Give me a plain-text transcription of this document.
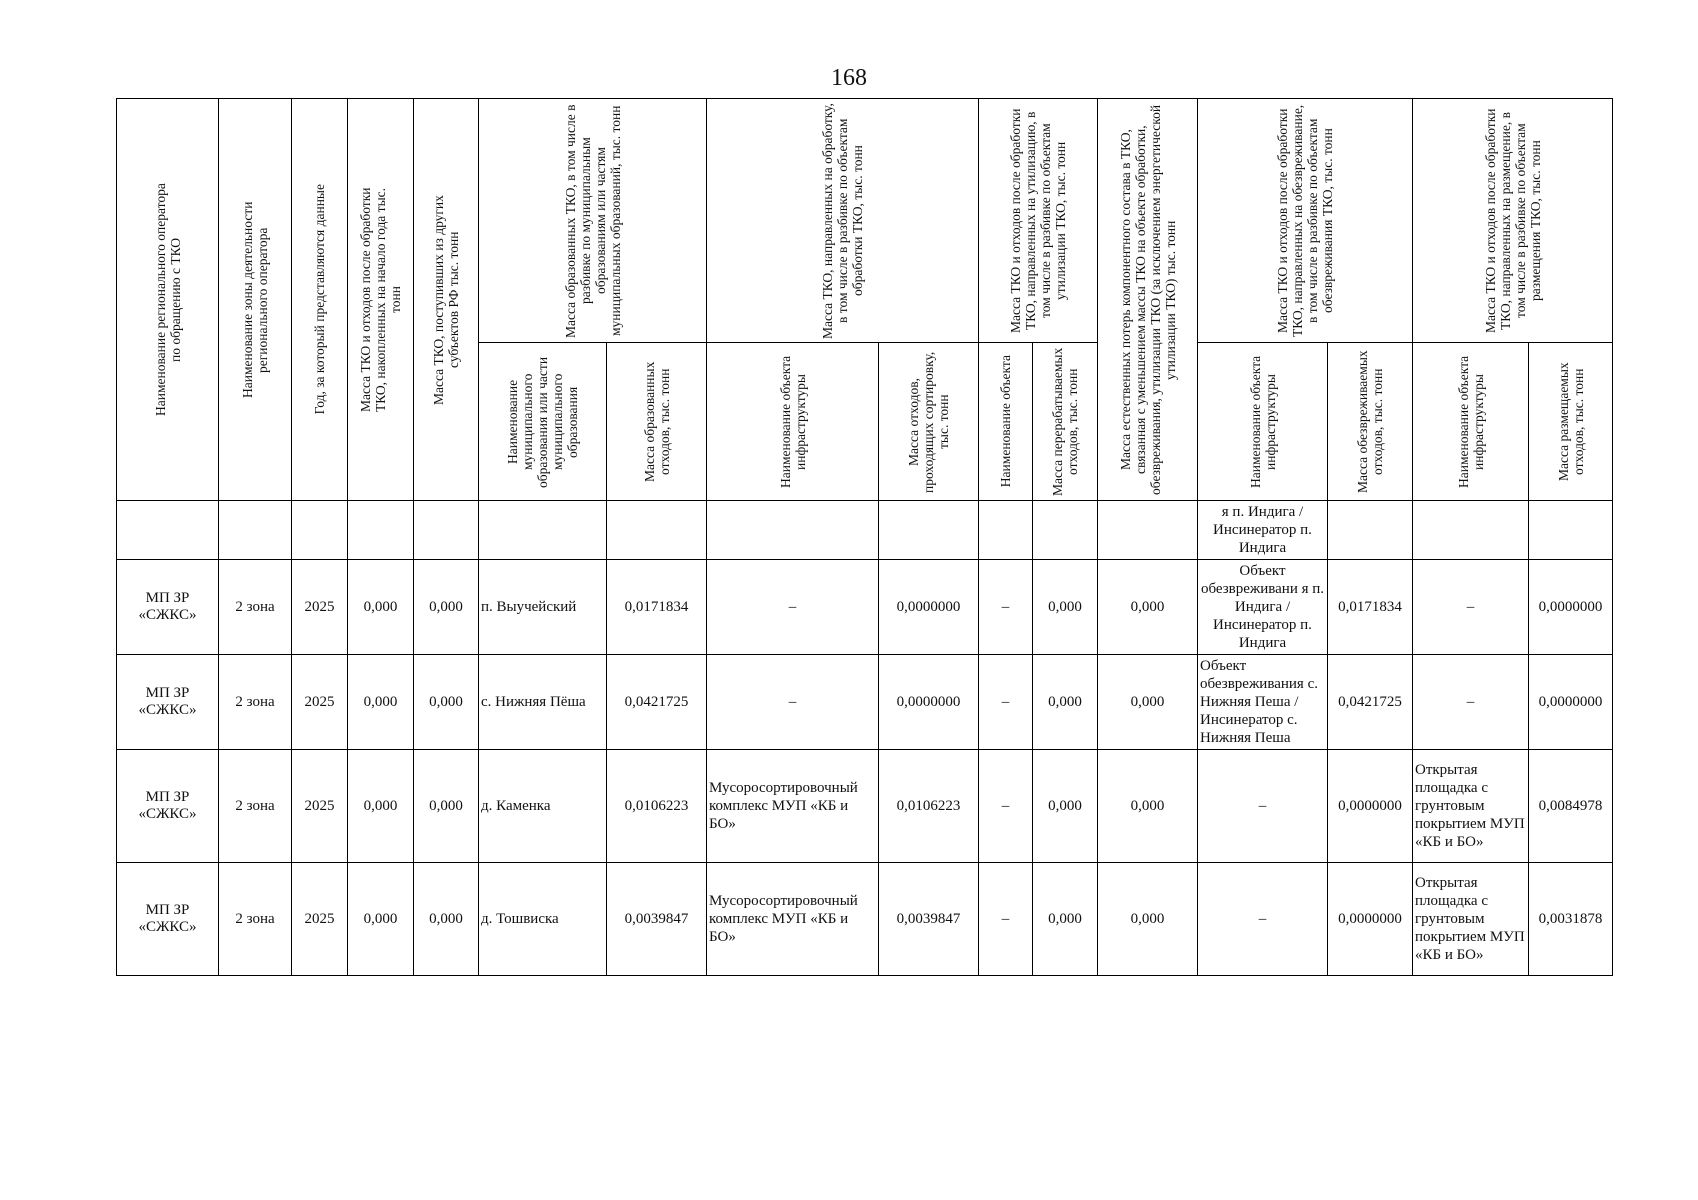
168
Наименование регионального оператора по обращению с ТКО	Наименование зоны деятельности регионального оператора	Год, за который представляются данные	Масса ТКО и отходов после обработки ТКО, накопленных на начало года тыс. тонн	Масса ТКО, поступивших из других субъектов РФ тыс. тонн	Масса образованных ТКО, в том числе в разбивке по муниципальным образованиям или частям муниципальных образований, тыс. тонн		Масса ТКО, направленных на обработку, в том числе в разбивке по объектам обработки ТКО, тыс. тонн		Масса ТКО и отходов после обработки ТКО, направленных на утилизацию, в том числе в разбивке по объектам утилизации ТКО, тыс. тонн		Масса естественных потерь компонентного состава в ТКО, связанная с уменьшением массы ТКО на объекте обработки, обезвреживания, утилизации ТКО (за исключением энергетической утилизации ТКО) тыс. тонн	Масса ТКО и отходов после обработки ТКО, направленных на обезвреживание, в том числе в разбивке по объектам обезвреживания ТКО, тыс. тонн		Масса ТКО и отходов после обработки ТКО, направленных на размещение, в том числе в разбивке по объектам размещения ТКО, тыс. тонн	

					Наименование муниципального образования или части муниципального образования	Масса образованных отходов, тыс. тонн	Наименование объекта инфраструктуры	Масса отходов, проходящих сортировку, тыс. тонн	Наименование объекта	Масса перерабатываемых отходов, тыс. тонн		Наименование объекта инфраструктуры	Масса обезвреживаемых отходов, тыс. тонн	Наименование объекта инфраструктуры	Масса размещаемых отходов, тыс. тонн

												я п. Индига / Инсинератор п. Индига			

МП ЗР «СЖКС»	2 зона	2025	0,000	0,000	п. Выучейский	0,0171834	–	0,0000000	–	0,000	0,000	Объект обезвреживани я п. Индига / Инсинератор п. Индига	0,0171834	–	0,0000000
МП ЗР «СЖКС»	2 зона	2025	0,000	0,000	с. Нижняя Пёша	0,0421725	–	0,0000000	–	0,000	0,000	Объект обезвреживания с. Нижняя Пеша / Инсинератор с. Нижняя Пеша	0,0421725	–	0,0000000
МП ЗР «СЖКС»	2 зона	2025	0,000	0,000	д. Каменка	0,0106223	Мусоросортировочный комплекс МУП «КБ и БО»	0,0106223	–	0,000	0,000	–	0,0000000	Открытая площадка с грунтовым покрытием МУП «КБ и БО»	0,0084978
МП ЗР «СЖКС»	2 зона	2025	0,000	0,000	д. Тошвиска	0,0039847	Мусоросортировочный комплекс МУП «КБ и БО»	0,0039847	–	0,000	0,000	–	0,0000000	Открытая площадка с грунтовым покрытием МУП «КБ и БО»	0,0031878
